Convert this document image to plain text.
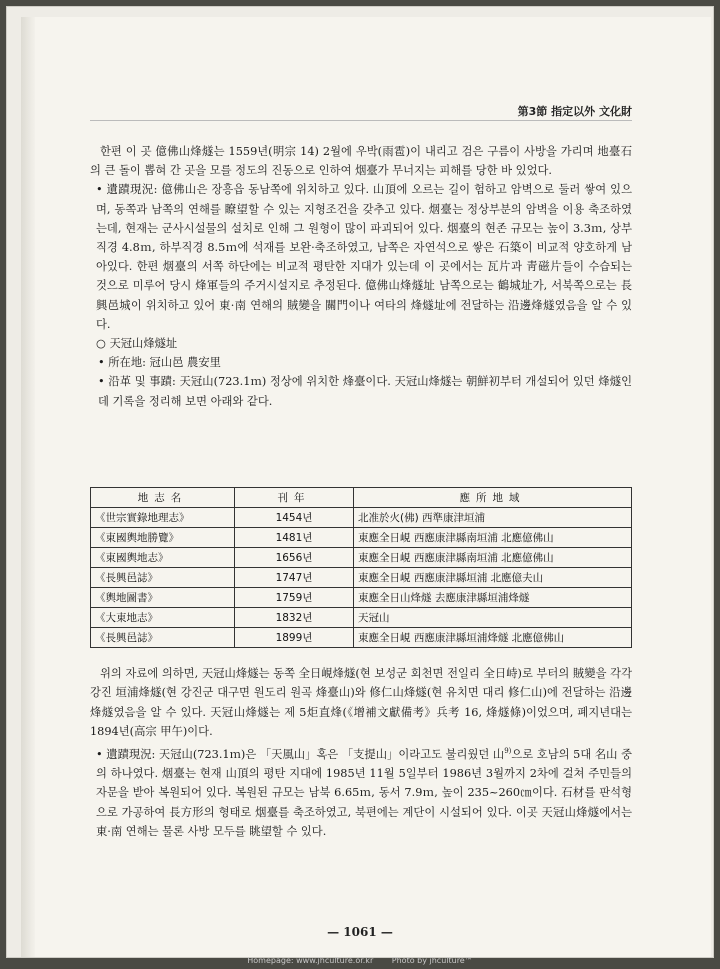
第3節 指定以外 文化財

한편 이 곳 億佛山烽燧는 1559년(明宗 14) 2월에 우박(雨雹)이 내리고 검은 구름이 사방을 가리며 地臺石의 큰 돌이 뽑혀 간 곳을 모를 정도의 진동으로 인하여 烟臺가 무너지는 피해를 당한 바 있었다.

• 遺蹟現況: 億佛山은 장흥읍 동남쪽에 위치하고 있다. 山頂에 오르는 길이 험하고 암벽으로 둘러 쌓여 있으며, 동쪽과 남쪽의 연해를 瞭望할 수 있는 지형조건을 갖추고 있다. 烟臺는 정상부분의 암벽을 이용 축조하였는데, 현재는 군사시설물의 설치로 인해 그 원형이 많이 파괴되어 있다. 烟臺의 현존 규모는 높이 3.3ｍ, 상부직경 4.8ｍ, 하부직경 8.5ｍ에 석재를 보완·축조하였고, 남쪽은 자연석으로 쌓은 石築이 비교적 양호하게 남아있다. 한편 烟臺의 서쪽 하단에는 비교적 평탄한 지대가 있는데 이 곳에서는 瓦片과 靑磁片들이 수습되는 것으로 미루어 당시 烽軍들의 주거시설지로 추정된다. 億佛山烽燧址 남쪽으로는 鶴城址가, 서북쪽으로는 長興邑城이 위치하고 있어 東·南 연해의 賊變을 關門이나 여타의 烽燧址에 전달하는 沿邊烽燧였음을 알 수 있다.

○ 天冠山烽燧址

• 所在地: 冠山邑 農安里

• 沿革 및 事蹟: 天冠山(723.1ｍ) 정상에 위치한 烽臺이다. 天冠山烽燧는 朝鮮初부터 개설되어 있던 烽燧인데 기록을 정리해 보면 아래와 같다.

地志名	刊年	應所地域
《世宗實錄地理志》	1454년	北准於火(佛) 西準康津垣浦
《東國輿地勝覽》	1481년	東應全日峴 西應康津縣南垣浦 北應億佛山
《東國輿地志》	1656년	東應全日峴 西應康津縣南垣浦 北應億佛山
《長興邑誌》	1747년	東應全日峴 西應康津縣垣浦 北應億夫山
《輿地圖書》	1759년	東應全日山烽燧 去應康津縣垣浦烽燧
《大東地志》	1832년	天冠山
《長興邑誌》	1899년	東應全日峴 西應康津縣垣浦烽燧 北應億佛山

위의 자료에 의하면, 天冠山烽燧는 동쪽 全日峴烽燧(현 보성군 회천면 전일리 全日峙)로 부터의 賊變을 각각 강진 垣浦烽燧(현 강진군 대구면 원도리 원곡 烽臺山)와 修仁山烽燧(현 유치면 대리 修仁山)에 전달하는 沿邊烽燧였음을 알 수 있다. 天冠山烽燧는 제 5炬直烽(《增補文獻備考》兵考 16, 烽燧條)이었으며, 폐지년대는 1894년(高宗 甲午)이다.

• 遺蹟現況: 天冠山(723.1ｍ)은 「天風山」혹은 「支提山」이라고도 불리웠던 山$^{9)}$으로 호남의 5대 名山 중의 하나였다. 烟臺는 현재 山頂의 평탄 지대에 1985년 11월 5일부터 1986년 3월까지 2차에 걸쳐 주민들의 자문을 받아 복원되어 있다. 복원된 규모는 남북 6.65ｍ, 동서 7.9ｍ, 높이 235~260㎝이다. 石材를 판석형으로 가공하여 長方形의 형태로 烟臺를 축조하였고, 북편에는 계단이 시설되어 있다. 이곳 天冠山烽燧에서는 東·南 연해는 물론 사방 모두를 眺望할 수 있다.

— 1061 —
Homepage: www.jhculture.or.kr Photo by jhculture™
